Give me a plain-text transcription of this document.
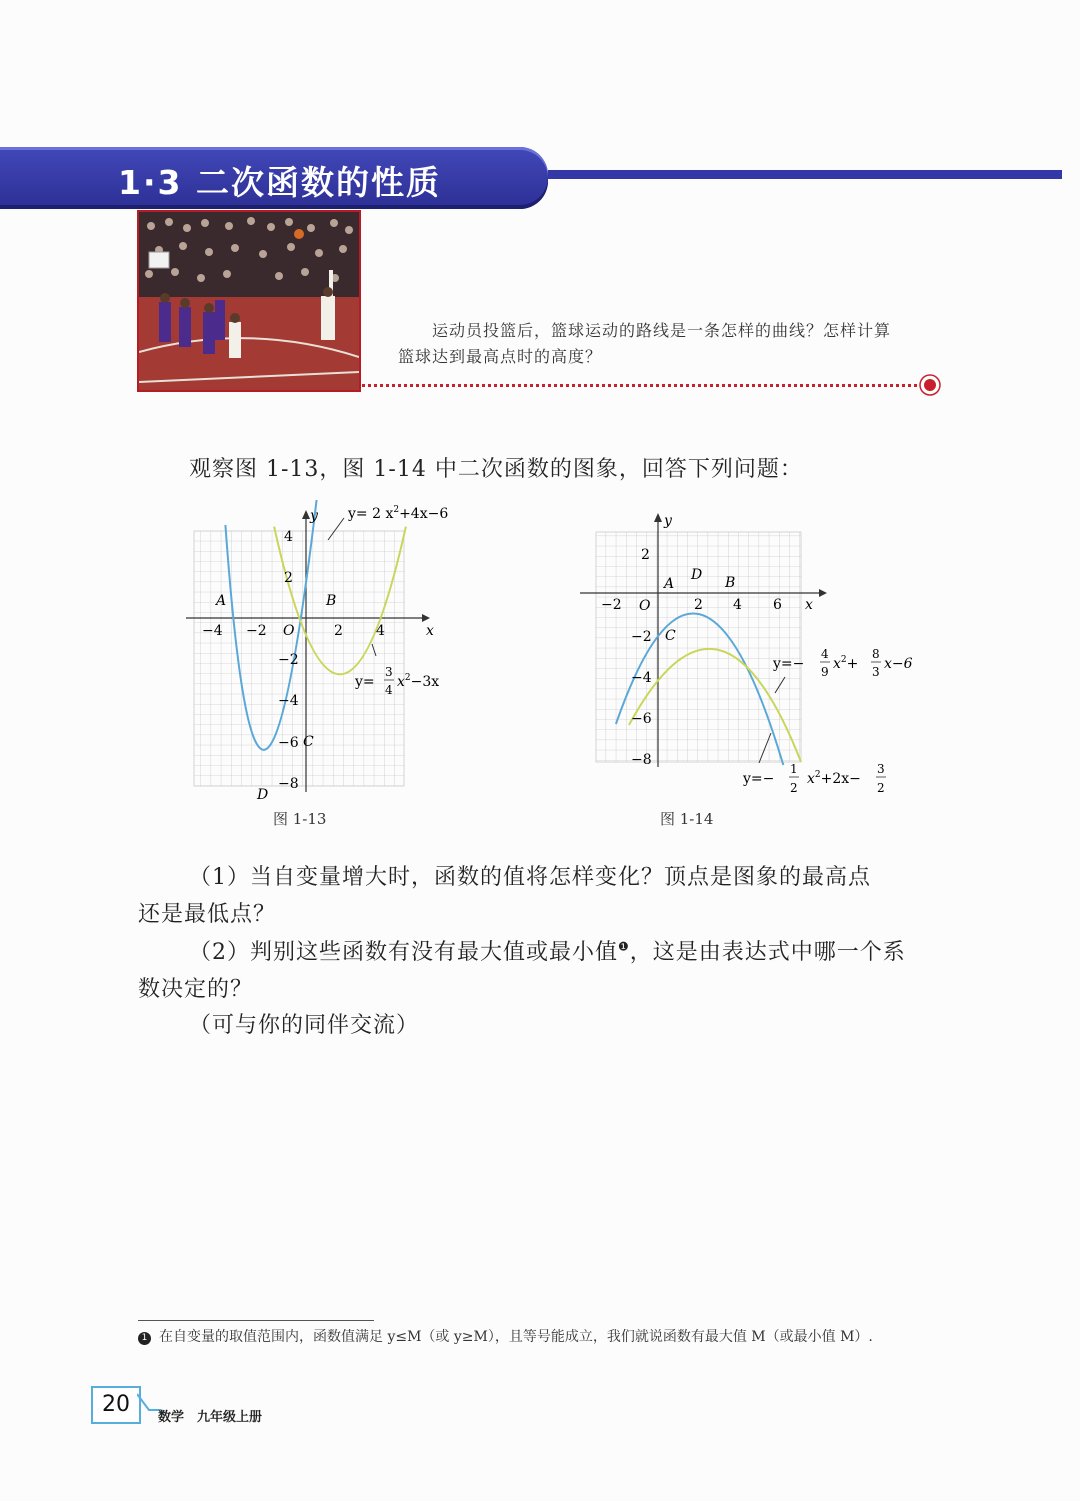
1·3 二次函数的性质
运动员投篮后，篮球运动的路线是一条怎样的曲线？怎样计算
篮球达到最高点时的高度？
观察图 1-13，图 1-14 中二次函数的图象，回答下列问题：
y
x
O
−4 −2	2 4
4
2
−2
−4
−6
−8
A	B
C
D
y= 2 $x^2+4x-6$
y=
3
4 $x^2-3x$
图 1-13
y
x
O
−2	2 4 6
2
−2
−4
−6
−8
A	B
C
D
y=−
4
9 $x^2+$
8
3 x−6
y=−
1
2
$x^2+2x-$
3
2
图 1-14
（1）当自变量增大时，函数的值将怎样变化？顶点是图象的最高点
还是最低点？
（2）判别这些函数有没有最大值或最小值$^❶$，这是由表达式中哪一个系
数决定的？
（可与你的同伴交流）
1 在自变量的取值范围内，函数值满足 y≤M（或 y≥M），且等号能成立，我们就说函数有最大值 M（或最小值 M）.
20
数学　九年级上册
